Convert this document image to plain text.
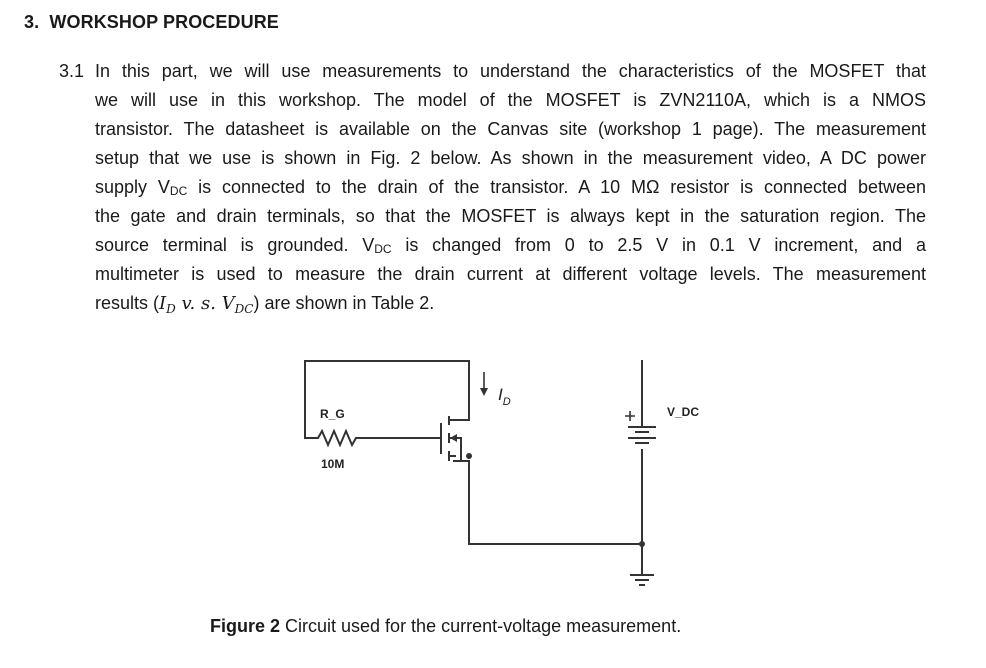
3. WORKSHOP PROCEDURE
3.1 In this part, we will use measurements to understand the characteristics of the MOSFET that
we will use in this workshop. The model of the MOSFET is ZVN2110A, which is a NMOS
transistor. The datasheet is available on the Canvas site (workshop 1 page). The measurement
setup that we use is shown in Fig. 2 below. As shown in the measurement video, A DC power
supply VDC is connected to the drain of the transistor. A 10 MΩ resistor is connected between
the gate and drain terminals, so that the MOSFET is always kept in the saturation region. The
source terminal is grounded. VDC is changed from 0 to 2.5 V in 0.1 V increment, and a
multimeter is used to measure the drain current at different voltage levels. The measurement
results ($I_D$ v. s. $V_{DC}$) are shown in Table 2.
$I_D$
+
R_G
10M
V_DC
Figure 2 Circuit used for the current-voltage measurement.
